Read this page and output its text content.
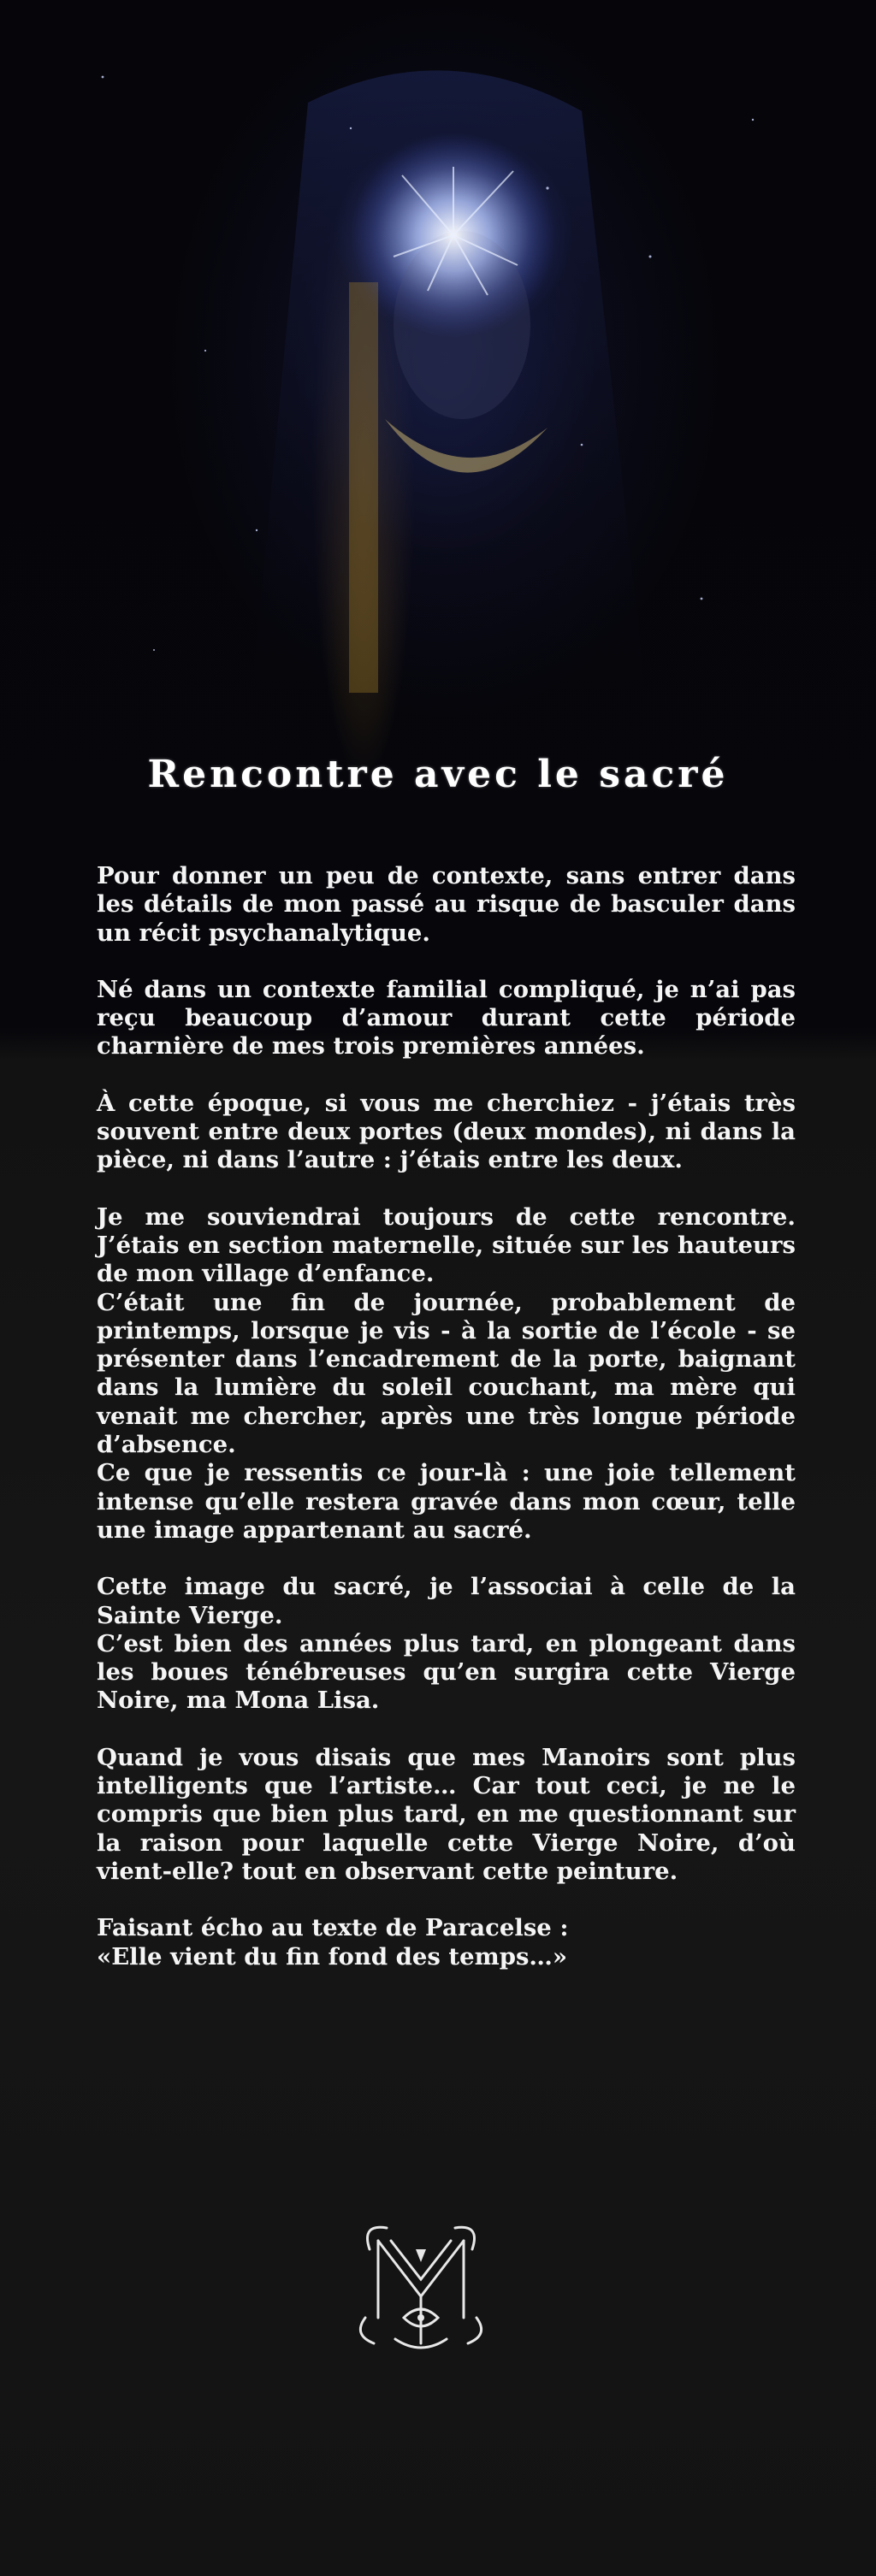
Rencontre avec le sacré

Pour donner un peu de contexte, sans entrer dans les détails de mon passé au risque de basculer dans un récit psychanalytique.

Né dans un contexte familial compliqué, je n’ai pas reçu beaucoup d’amour durant cette période charnière de mes trois premières années.

À cette époque, si vous me cherchiez - j’étais très souvent entre deux portes (deux mondes), ni dans la pièce, ni dans l’autre : j’étais entre les deux.

Je me souviendrai toujours de cette rencontre. J’étais en section maternelle, située sur les hauteurs de mon village d’enfance.
C’était une fin de journée, probablement de printemps, lorsque je vis - à la sortie de l’école - se présenter dans l’encadrement de la porte, baignant dans la lumière du soleil couchant, ma mère qui venait me chercher, après une très longue période d’absence.
Ce que je ressentis ce jour-là : une joie tellement intense qu’elle restera gravée dans mon cœur, telle une image appartenant au sacré.

Cette image du sacré, je l’associai à celle de la Sainte Vierge.
C’est bien des années plus tard, en plongeant dans les boues ténébreuses qu’en surgira cette Vierge Noire, ma Mona Lisa.

Quand je vous disais que mes Manoirs sont plus intelligents que l’artiste… Car tout ceci, je ne le compris que bien plus tard, en me questionnant sur la raison pour laquelle cette Vierge Noire, d’où vient-elle? tout en observant cette peinture.

Faisant écho au texte de Paracelse :
«Elle vient du fin fond des temps…»
